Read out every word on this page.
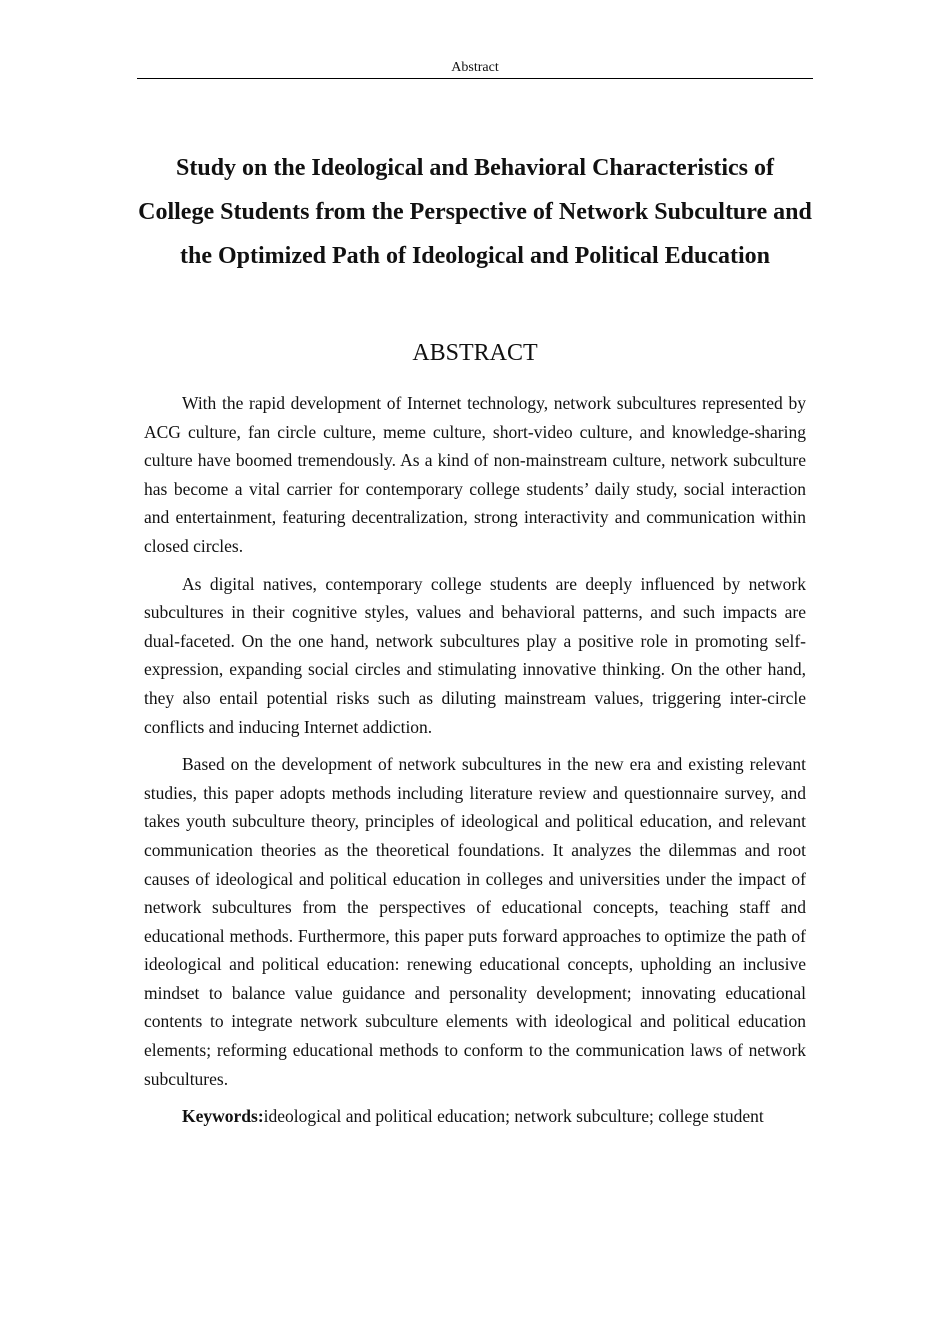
Abstract
Study on the Ideological and Behavioral Characteristics of College Students from the Perspective of Network Subculture and the Optimized Path of Ideological and Political Education
ABSTRACT

With the rapid development of Internet technology, network subcultures represented by ACG culture, fan circle culture, meme culture, short-video culture, and knowledge-sharing culture have boomed tremendously. As a kind of non-mainstream culture, network subculture has become a vital carrier for contemporary college students’ daily study, social interaction and entertainment, featuring decentralization, strong interactivity and communication within closed circles.

As digital natives, contemporary college students are deeply influenced by network subcultures in their cognitive styles, values and behavioral patterns, and such impacts are dual-faceted. On the one hand, network subcultures play a positive role in promoting self-expression, expanding social circles and stimulating innovative thinking. On the other hand, they also entail potential risks such as diluting mainstream values, triggering inter-circle conflicts and inducing Internet addiction.

Based on the development of network subcultures in the new era and existing relevant studies, this paper adopts methods including literature review and questionnaire survey, and takes youth subculture theory, principles of ideological and political education, and relevant communication theories as the theoretical foundations. It analyzes the dilemmas and root causes of ideological and political education in colleges and universities under the impact of network subcultures from the perspectives of educational concepts, teaching staff and educational methods. Furthermore, this paper puts forward approaches to optimize the path of ideological and political education: renewing educational concepts, upholding an inclusive mindset to balance value guidance and personality development; innovating educational contents to integrate network subculture elements with ideological and political education elements; reforming educational methods to conform to the communication laws of network subcultures.

Keywords:ideological and political education; network subculture; college student
